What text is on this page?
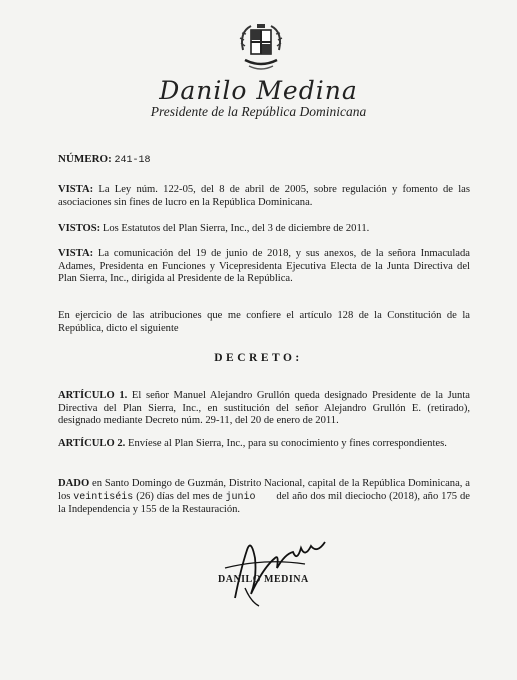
Danilo Medina
Presidente de la República Dominicana
NÚMERO: 241-18
VISTA: La Ley núm. 122-05, del 8 de abril de 2005, sobre regulación y fomento de las asociaciones sin fines de lucro en la República Dominicana.
VISTOS: Los Estatutos del Plan Sierra, Inc., del 3 de diciembre de 2011.
VISTA: La comunicación del 19 de junio de 2018, y sus anexos, de la señora Inmaculada Adames, Presidenta en Funciones y Vicepresidenta Ejecutiva Electa de la Junta Directiva del Plan Sierra, Inc., dirigida al Presidente de la República.
En ejercicio de las atribuciones que me confiere el artículo 128 de la Constitución de la República, dicto el siguiente
DECRETO:
ARTÍCULO 1. El señor Manuel Alejandro Grullón queda designado Presidente de la Junta Directiva del Plan Sierra, Inc., en sustitución del señor Alejandro Grullón E. (retirado), designado mediante Decreto núm. 29-11, del 20 de enero de 2011.
ARTÍCULO 2. Envíese al Plan Sierra, Inc., para su conocimiento y fines correspondientes.
DADO en Santo Domingo de Guzmán, Distrito Nacional, capital de la República Dominicana, a los veintiséis (26) días del mes de junio del año dos mil dieciocho (2018), año 175 de la Independencia y 155 de la Restauración.
DANILO MEDINA
